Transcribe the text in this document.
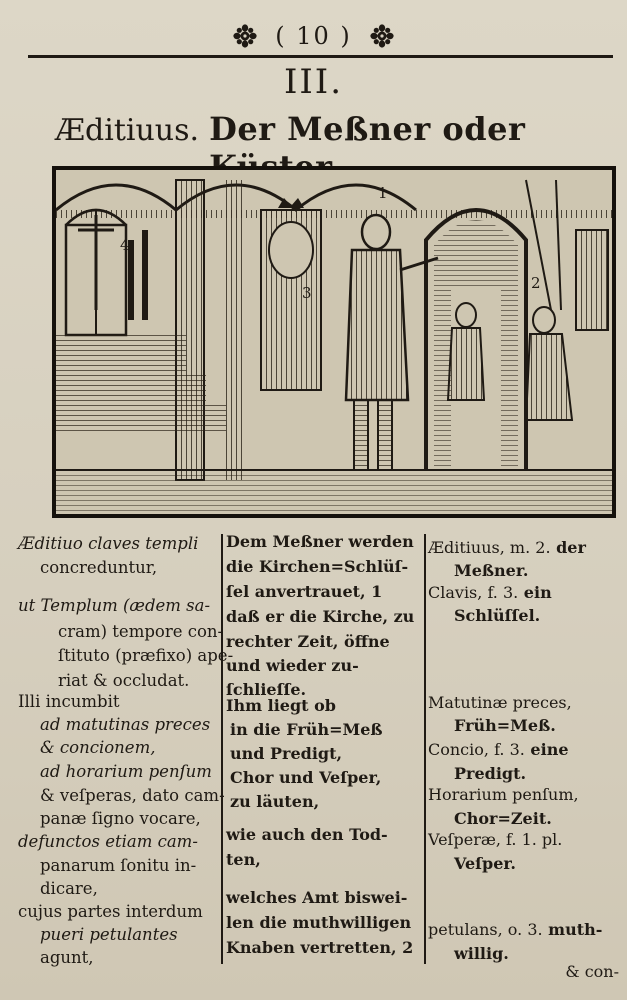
( 10 )
III.
Æditiuus. Der Meßner oder
1
2
3
4
Æditiuo claves templi
concreduntur,
ut Templum (ædem sa-
cram) tempore con-
ſtituto (præfixo) ape-
riat & occludat.
Illi incumbit
ad matutinas preces
& concionem,
ad horarium penſum
& veſperas, dato cam-
panæ ſigno vocare,
defunctos etiam cam-
panarum ſonitu in-
dicare,
cujus partes interdum
pueri petulantes
agunt,
Dem Meßner werden
die Kirchen=Schlüſ-
ſel anvertrauet, 1
daß er die Kirche, zu
rechter Zeit, öffne
und wieder zu-
ſchlieſſe.
Ihm liegt ob
in die Früh=Meß
und Predigt,
Chor und Veſper,
zu läuten,
wie auch den Tod-
ten,
welches Amt biswei-
len die muthwilligen
Knaben vertretten, 2
Æditiuus, m. 2. der
Meßner.
Clavis, f. 3. ein
Schlüſſel.
Matutinæ preces,
Früh=Meß.
Concio, f. 3. eine
Predigt.
Horarium penſum,
Chor=Zeit.
Veſperæ, f. 1. pl.
Veſper.
petulans, o. 3. muth-
willig.
& con-
